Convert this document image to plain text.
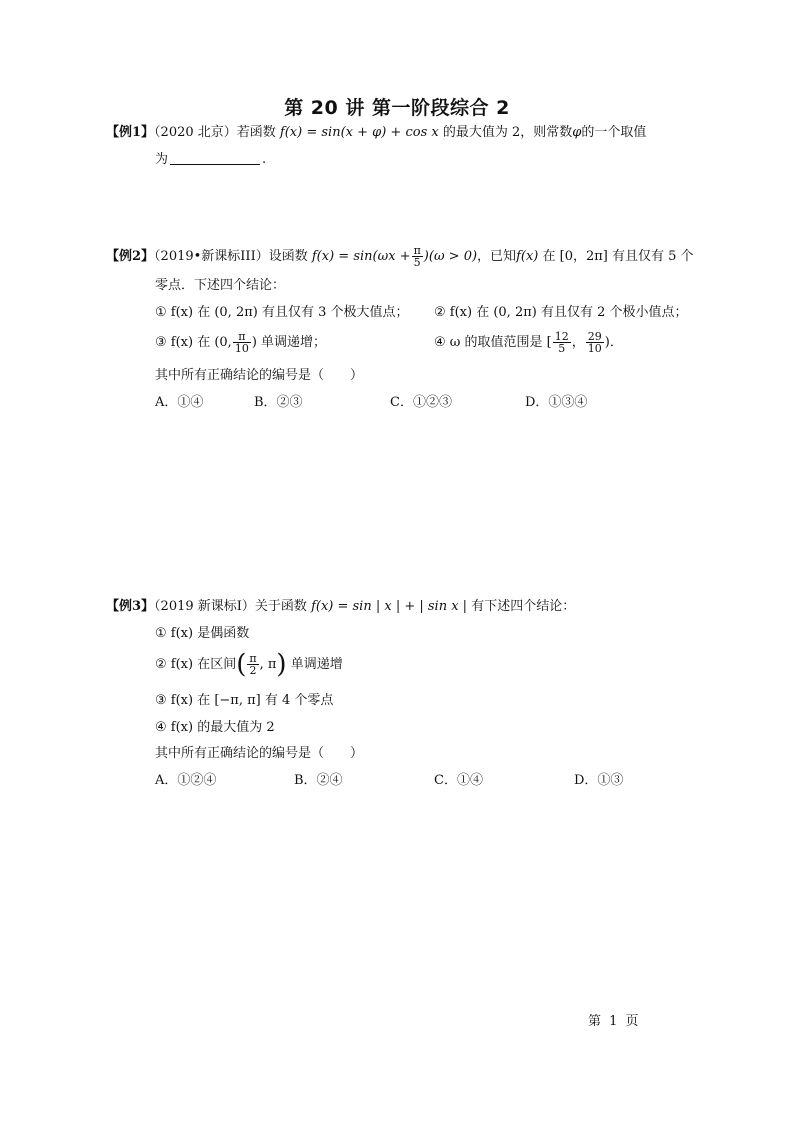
第 20 讲 第一阶段综合 2
【例1】（2020 北京）若函数 f(x) = sin(x + φ) + cos x 的最大值为 2，则常数φ的一个取值
为	.
【例2】（2019•新课标III）设函数 $f(x) = \sin(\omega x + \frac{\pi}{5} )(\omega > 0)$，已知f(x) 在 [0，2π] 有且仅有 5 个
零点．下述四个结论：
① f(x) 在 (0, 2π) 有且仅有 3 个极大值点； ② f(x) 在 (0, 2π) 有且仅有 2 个极小值点；
③ f(x) 在 (0, $\frac{\pi}{10}$ ) 单调递增；	④ ω 的取值范围是 [ $\frac{12}{5}$ ， $\frac{29}{10}$ )．
其中所有正确结论的编号是（ ）
A．①④	B．②③	C．①②③	D．①③④
【例3】（2019 新课标I）关于函数 f(x) = sin | x | + | sin x | 有下述四个结论：
① f(x) 是偶函数
② f(x) 在区间( $\frac{\pi}{2}$ , π) 单调递增
③ f(x) 在 [−π, π] 有 4 个零点
④ f(x) 的最大值为 2
其中所有正确结论的编号是（ ）
A．①②④	B．②④	C．①④	D．①③
第 1 页
